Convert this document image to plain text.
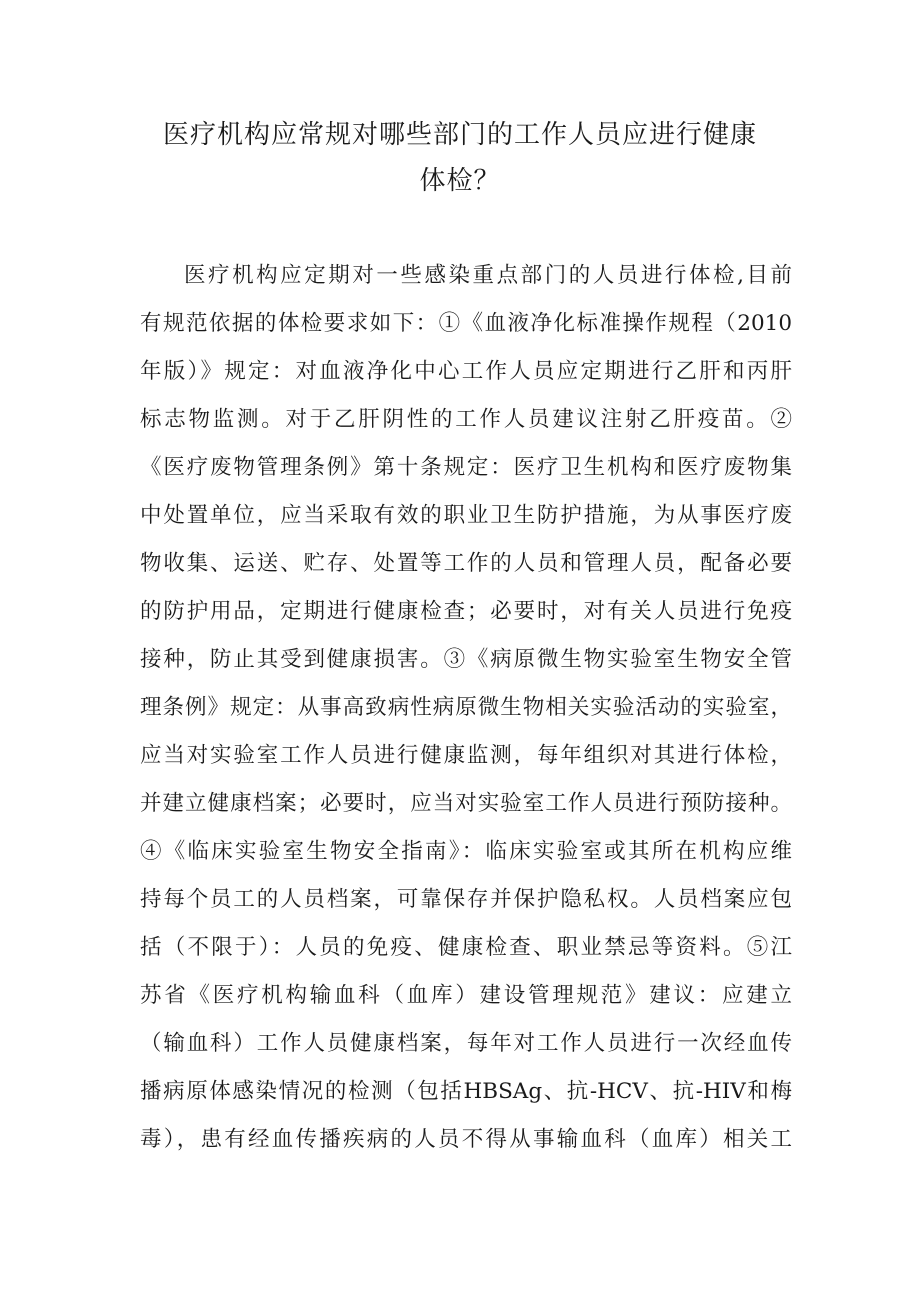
医疗机构应常规对哪些部门的工作人员应进行健康
体检？
医疗机构应定期对一些感染重点部门的人员进行体检,目前
有规范依据的体检要求如下：①《血液净化标准操作规程（2010
年版）》规定：对血液净化中心工作人员应定期进行乙肝和丙肝
标志物监测。对于乙肝阴性的工作人员建议注射乙肝疫苗。②
《医疗废物管理条例》第十条规定：医疗卫生机构和医疗废物集
中处置单位，应当采取有效的职业卫生防护措施，为从事医疗废
物收集、运送、贮存、处置等工作的人员和管理人员，配备必要
的防护用品，定期进行健康检查；必要时，对有关人员进行免疫
接种，防止其受到健康损害。③《病原微生物实验室生物安全管
理条例》规定：从事高致病性病原微生物相关实验活动的实验室，
应当对实验室工作人员进行健康监测，每年组织对其进行体检，
并建立健康档案；必要时，应当对实验室工作人员进行预防接种。
④《临床实验室生物安全指南》：临床实验室或其所在机构应维
持每个员工的人员档案，可靠保存并保护隐私权。人员档案应包
括（不限于）：人员的免疫、健康检查、职业禁忌等资料。⑤江
苏省《医疗机构输血科（血库）建设管理规范》建议：应建立
（输血科）工作人员健康档案，每年对工作人员进行一次经血传
播病原体感染情况的检测（包括HBSAg、抗-HCV、抗-HIV和梅
毒），患有经血传播疾病的人员不得从事输血科（血库）相关工
